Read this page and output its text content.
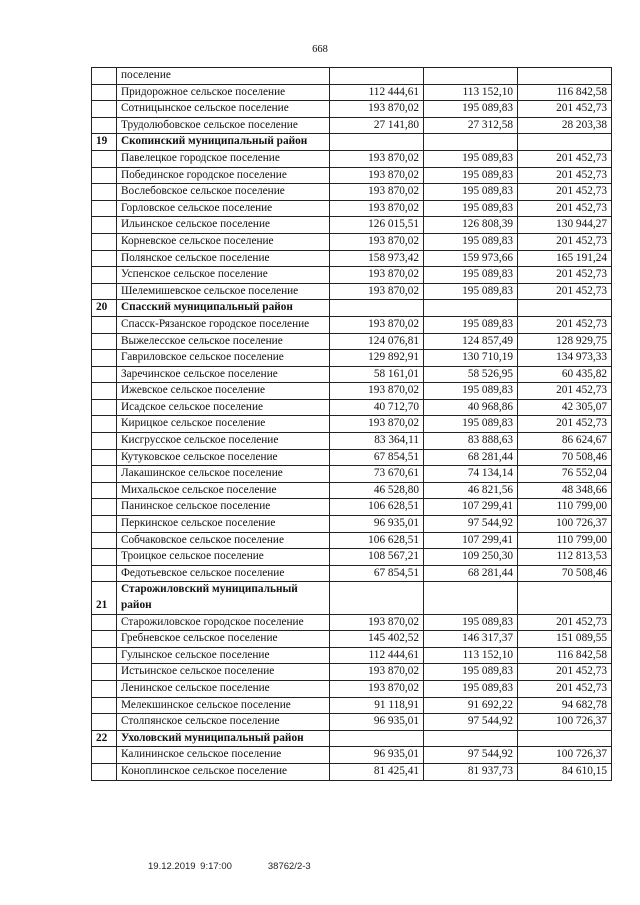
668
	поселение			
	Придорожное сельское поселение	112 444,61	113 152,10	116 842,58
	Сотницынское сельское поселение	193 870,02	195 089,83	201 452,73
	Трудолюбовское сельское поселение	27 141,80	27 312,58	28 203,38
19	Скопинский муниципальный район			
	Павелецкое городское поселение	193 870,02	195 089,83	201 452,73
	Побединское городское поселение	193 870,02	195 089,83	201 452,73
	Вослебовское сельское поселение	193 870,02	195 089,83	201 452,73
	Горловское сельское поселение	193 870,02	195 089,83	201 452,73
	Ильинское сельское поселение	126 015,51	126 808,39	130 944,27
	Корневское сельское поселение	193 870,02	195 089,83	201 452,73
	Полянское сельское поселение	158 973,42	159 973,66	165 191,24
	Успенское сельское поселение	193 870,02	195 089,83	201 452,73
	Шелемишевское сельское поселение	193 870,02	195 089,83	201 452,73
20	Спасский муниципальный район			
	Спасск-Рязанское городское поселение	193 870,02	195 089,83	201 452,73
	Выжелесское сельское поселение	124 076,81	124 857,49	128 929,75
	Гавриловское сельское поселение	129 892,91	130 710,19	134 973,33
	Заречинское сельское поселение	58 161,01	58 526,95	60 435,82
	Ижевское сельское поселение	193 870,02	195 089,83	201 452,73
	Исадское сельское поселение	40 712,70	40 968,86	42 305,07
	Кирицкое сельское поселение	193 870,02	195 089,83	201 452,73
	Кисгрусское сельское поселение	83 364,11	83 888,63	86 624,67
	Кутуковское сельское поселение	67 854,51	68 281,44	70 508,46
	Лакашинское сельское поселение	73 670,61	74 134,14	76 552,04
	Михальское сельское поселение	46 528,80	46 821,56	48 348,66
	Панинское сельское поселение	106 628,51	107 299,41	110 799,00
	Перкинское сельское поселение	96 935,01	97 544,92	100 726,37
	Собчаковское сельское поселение	106 628,51	107 299,41	110 799,00
	Троицкое сельское поселение	108 567,21	109 250,30	112 813,53
	Федотьевское сельское поселение	67 854,51	68 281,44	70 508,46
21	Старожиловский муниципальный район			
	Старожиловское городское поселение	193 870,02	195 089,83	201 452,73
	Гребневское сельское поселение	145 402,52	146 317,37	151 089,55
	Гулынское сельское поселение	112 444,61	113 152,10	116 842,58
	Истьинское сельское поселение	193 870,02	195 089,83	201 452,73
	Ленинское сельское поселение	193 870,02	195 089,83	201 452,73
	Мелекшинское сельское поселение	91 118,91	91 692,22	94 682,78
	Столпянское сельское поселение	96 935,01	97 544,92	100 726,37
22	Ухоловский муниципальный район			
	Калининское сельское поселение	96 935,01	97 544,92	100 726,37
	Коноплинское сельское поселение	81 425,41	81 937,73	84 610,15
19.12.2019 9:17:00	38762/2-3
